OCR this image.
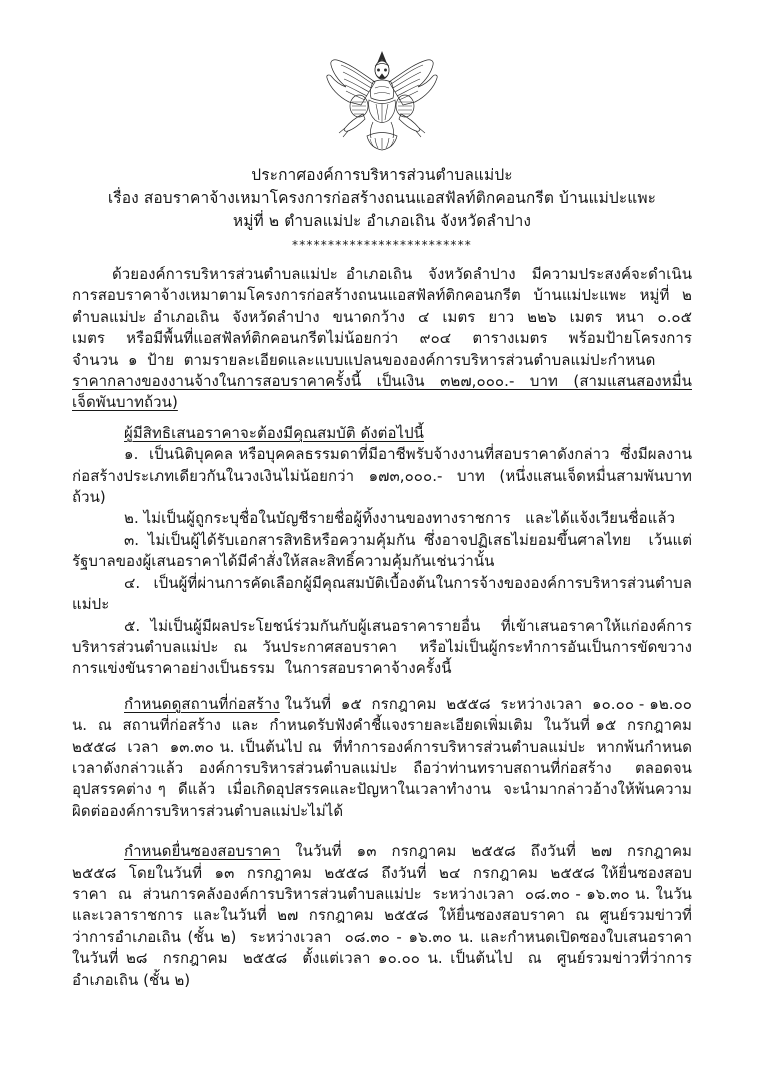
ประกาศองค์การบริหารส่วนตำบลแม่ปะ
เรื่อง สอบราคาจ้างเหมาโครงการก่อสร้างถนนแอสฟัลท์ติกคอนกรีต บ้านแม่ปะแพะ
หมู่ที่ ๒ ตำบลแม่ปะ อำเภอเถิน จังหวัดลำปาง
*************************

ด้วยองค์การบริหารส่วนตำบลแม่ปะ อำเภอเถิน  จังหวัดลำปาง  มีความประสงค์จะดำเนินการสอบราคาจ้างเหมาตามโครงการก่อสร้างถนนแอสฟัลท์ติกคอนกรีต บ้านแม่ปะแพะ หมู่ที่ ๒  ตำบลแม่ปะ อำเภอเถิน  จังหวัดลำปาง  ขนาดกว้าง  ๔  เมตร  ยาว  ๒๒๖  เมตร  หนา  ๐.๐๕  เมตร  หรือมีพื้นที่แอสฟัลท์ติกคอนกรีตไม่น้อยกว่า  ๙๐๔  ตารางเมตร  พร้อมป้ายโครงการ  จำนวน  ๑  ป้าย  ตามรายละเอียดและแบบแปลนขององค์การบริหารส่วนตำบลแม่ปะกำหนด

ราคากลางของงานจ้างในการสอบราคาครั้งนี้  เป็นเงิน  ๓๒๗,๐๐๐.-  บาท  (สามแสนสองหมื่นเจ็ดพันบาทถ้วน)

ผู้มีสิทธิเสนอราคาจะต้องมีคุณสมบัติ ดังต่อไปนี้

๑.  เป็นนิติบุคคล หรือบุคคลธรรมดาที่มีอาชีพรับจ้างงานที่สอบราคาดังกล่าว  ซึ่งมีผลงานก่อสร้างประเภทเดียวกันในวงเงินไม่น้อยกว่า  ๑๗๓,๐๐๐.-  บาท  (หนึ่งแสนเจ็ดหมื่นสามพันบาทถ้วน)

๒. ไม่เป็นผู้ถูกระบุชื่อในบัญชีรายชื่อผู้ทิ้งงานของทางราชการ   และได้แจ้งเวียนชื่อแล้ว

๓. ไม่เป็นผู้ได้รับเอกสารสิทธิหรือความคุ้มกัน ซึ่งอาจปฏิเสธไม่ยอมขึ้นศาลไทย  เว้นแต่รัฐบาลของผู้เสนอราคาได้มีคำสั่งให้สละสิทธิ์ความคุ้มกันเช่นว่านั้น

๔.  เป็นผู้ที่ผ่านการคัดเลือกผู้มีคุณสมบัติเบื้องต้นในการจ้างขององค์การบริหารส่วนตำบลแม่ปะ

๕. ไม่เป็นผู้มีผลประโยชน์ร่วมกันกับผู้เสนอราคารายอื่น  ที่เข้าเสนอราคาให้แก่องค์การบริหารส่วนตำบลแม่ปะ  ณ  วันประกาศสอบราคา   หรือไม่เป็นผู้กระทำการอันเป็นการขัดขวางการแข่งขันราคาอย่างเป็นธรรม  ในการสอบราคาจ้างครั้งนี้

กำหนดดูสถานที่ก่อสร้าง ในวันที่  ๑๕  กรกฎาคม  ๒๕๕๘  ระหว่างเวลา  ๑๐.๐๐ - ๑๒.๐๐ น.  ณ  สถานที่ก่อสร้าง  และ  กำหนดรับฟังคำชี้แจงรายละเอียดเพิ่มเติม  ในวันที่ ๑๕  กรกฎาคม  ๒๕๕๘  เวลา  ๑๓.๓๐ น. เป็นต้นไป ณ  ที่ทำการองค์การบริหารส่วนตำบลแม่ปะ  หากพ้นกำหนดเวลาดังกล่าวแล้ว  องค์การบริหารส่วนตำบลแม่ปะ  ถือว่าท่านทราบสถานที่ก่อสร้าง   ตลอดจนอุปสรรคต่าง ๆ  ดีแล้ว  เมื่อเกิดอุปสรรคและปัญหาในเวลาทำงาน  จะนำมากล่าวอ้างให้พ้นความผิดต่อองค์การบริหารส่วนตำบลแม่ปะไม่ได้

กำหนดยื่นซองสอบราคา  ในวันที่  ๑๓  กรกฎาคม  ๒๕๕๘  ถึงวันที่  ๒๗  กรกฎาคม  ๒๕๕๘  โดยในวันที่  ๑๓  กรกฎาคม  ๒๕๕๘  ถึงวันที่  ๒๔  กรกฎาคม  ๒๕๕๘ ให้ยื่นซองสอบราคา  ณ  ส่วนการคลังองค์การบริหารส่วนตำบลแม่ปะ  ระหว่างเวลา  ๐๘.๓๐ - ๑๖.๓๐ น. ในวันและเวลาราชการ  และในวันที่  ๒๗  กรกฎาคม  ๒๕๕๘  ให้ยื่นซองสอบราคา  ณ  ศูนย์รวมข่าวที่ว่าการอำเภอเถิน (ชั้น ๒)  ระหว่างเวลา  ๐๘.๓๐ - ๑๖.๓๐ น. และกำหนดเปิดซองใบเสนอราคา  ในวันที่ ๒๘  กรกฎาคม  ๒๕๕๘  ตั้งแต่เวลา ๑๐.๐๐ น. เป็นต้นไป  ณ  ศูนย์รวมข่าวที่ว่าการอำเภอเถิน (ชั้น ๒)
